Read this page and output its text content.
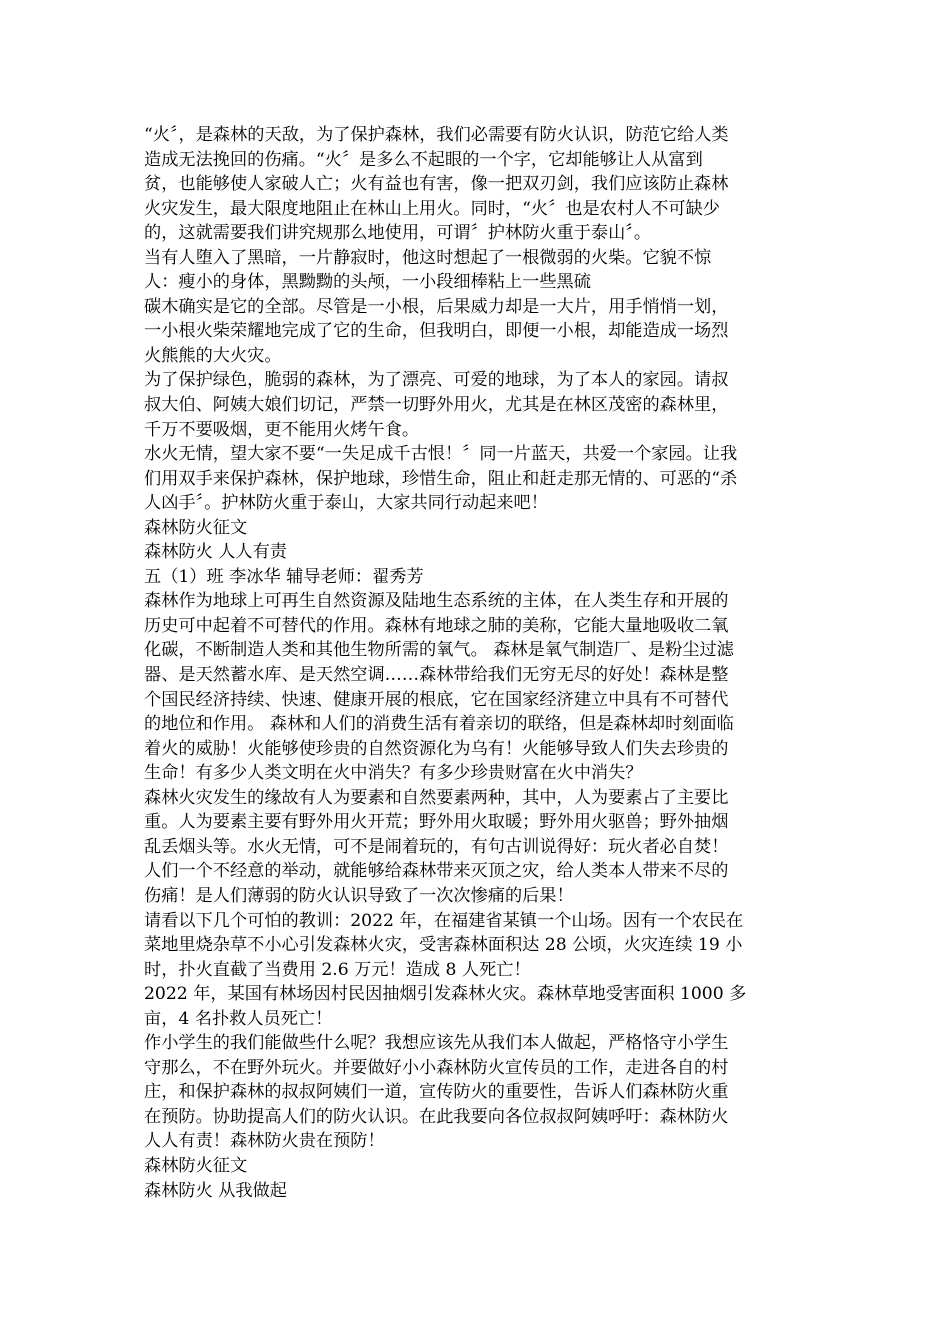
“火〞，是森林的天敌，为了保护森林，我们必需要有防火认识，防范它给人类
造成无法挽回的伤痛。“火〞是多么不起眼的一个字，它却能够让人从富到
贫，也能够使人家破人亡；火有益也有害，像一把双刃剑，我们应该防止森林
火灾发生，最大限度地阻止在林山上用火。同时，“火〞也是农村人不可缺少
的，这就需要我们讲究规那么地使用，可谓〞护林防火重于泰山〞。

当有人堕入了黑暗，一片静寂时，他这时想起了一根微弱的火柴。它貌不惊
人：瘦小的身体，黑黝黝的头颅，一小段细棒粘上一些黑硫

碳木确实是它的全部。尽管是一小根，后果威力却是一大片，用手悄悄一划，
一小根火柴荣耀地完成了它的生命，但我明白，即便一小根，却能造成一场烈
火熊熊的大火灾。

为了保护绿色，脆弱的森林，为了漂亮、可爱的地球，为了本人的家园。请叔
叔大伯、阿姨大娘们切记，严禁一切野外用火，尤其是在林区茂密的森林里，
千万不要吸烟，更不能用火烤午食。

水火无情，望大家不要“一失足成千古恨！〞同一片蓝天，共爱一个家园。让我
们用双手来保护森林，保护地球，珍惜生命，阻止和赶走那无情的、可恶的“杀
人凶手〞。护林防火重于泰山，大家共同行动起来吧！

森林防火征文

森林防火 人人有责

五（1）班 李冰华 辅导老师：翟秀芳

森林作为地球上可再生自然资源及陆地生态系统的主体，在人类生存和开展的
历史可中起着不可替代的作用。森林有地球之肺的美称，它能大量地吸收二氧
化碳，不断制造人类和其他生物所需的氧气。 森林是氧气制造厂、是粉尘过滤
器、是天然蓄水库、是天然空调……森林带给我们无穷无尽的好处！森林是整
个国民经济持续、快速、健康开展的根底，它在国家经济建立中具有不可替代
的地位和作用。 森林和人们的消费生活有着亲切的联络，但是森林却时刻面临
着火的威胁！火能够使珍贵的自然资源化为乌有！火能够导致人们失去珍贵的
生命！有多少人类文明在火中消失？有多少珍贵财富在火中消失？

森林火灾发生的缘故有人为要素和自然要素两种，其中，人为要素占了主要比
重。人为要素主要有野外用火开荒；野外用火取暖；野外用火驱兽；野外抽烟
乱丢烟头等。水火无情，可不是闹着玩的，有句古训说得好：玩火者必自焚！
人们一个不经意的举动，就能够给森林带来灭顶之灾，给人类本人带来不尽的
伤痛！是人们薄弱的防火认识导致了一次次惨痛的后果！

请看以下几个可怕的教训：2022 年，在福建省某镇一个山场。因有一个农民在
菜地里烧杂草不小心引发森林火灾，受害森林面积达 28 公顷，火灾连续 19 小
时，扑火直截了当费用 2.6 万元！造成 8 人死亡！

2022 年，某国有林场因村民因抽烟引发森林火灾。森林草地受害面积 1000 多
亩，4 名扑救人员死亡！

作小学生的我们能做些什么呢？我想应该先从我们本人做起，严格恪守小学生
守那么，不在野外玩火。并要做好小小森林防火宣传员的工作，走进各自的村
庄，和保护森林的叔叔阿姨们一道，宣传防火的重要性，告诉人们森林防火重
在预防。协助提高人们的防火认识。在此我要向各位叔叔阿姨呼吁：森林防火
人人有责！森林防火贵在预防！

森林防火征文

森林防火 从我做起
